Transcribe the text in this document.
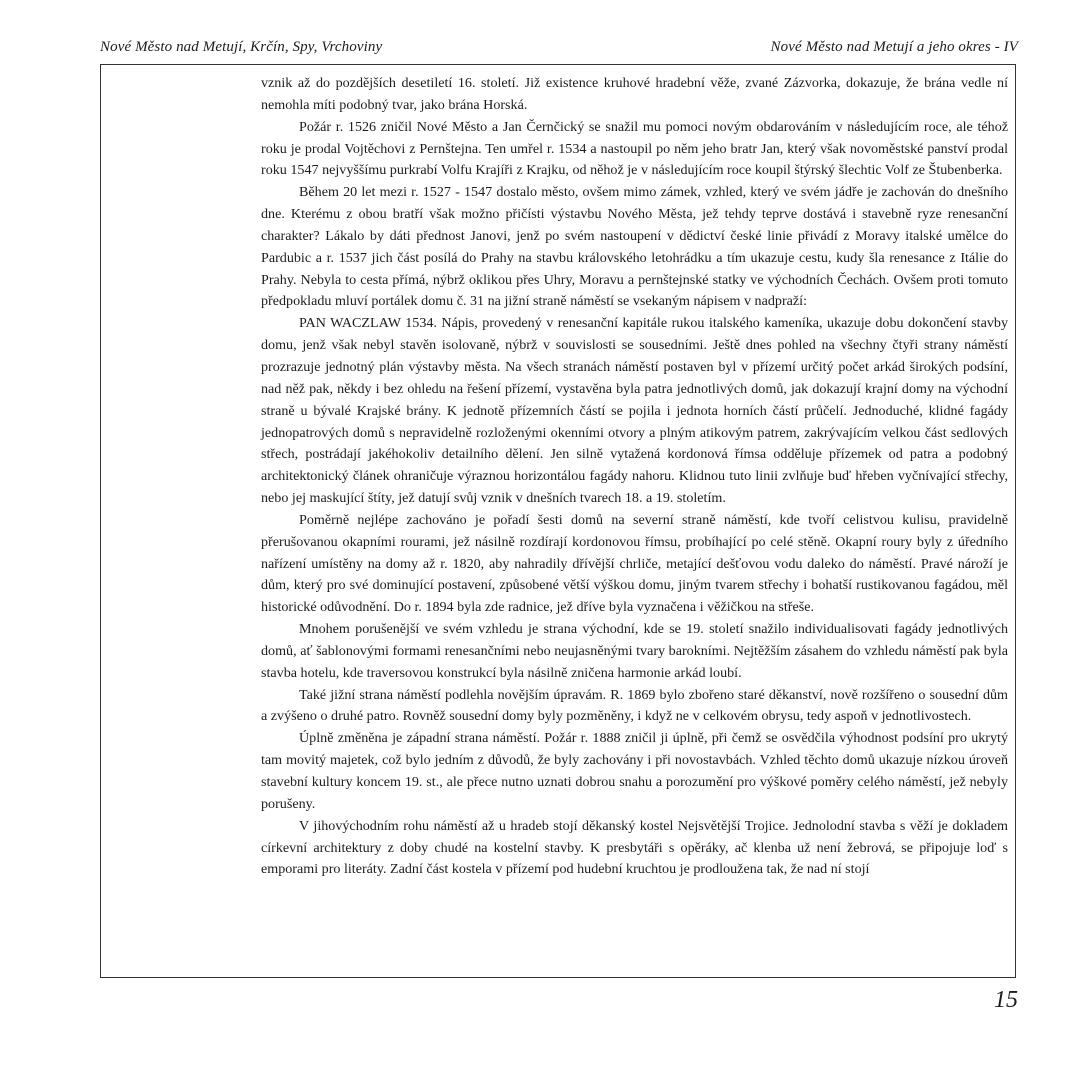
Nové Město nad Metují, Krčín, Spy, Vrchoviny	Nové Město nad Metují a jeho okres - IV

vznik až do pozdějších desetiletí 16. století. Již existence kruhové hradební věže, zvané Zázvorka, dokazuje, že brána vedle ní nemohla míti podobný tvar, jako brána Horská.

Požár r. 1526 zničil Nové Město a Jan Černčický se snažil mu pomoci novým obdarováním v následujícím roce, ale téhož roku je prodal Vojtěchovi z Pernštejna. Ten umřel r. 1534 a nastoupil po něm jeho bratr Jan, který však novoměstské panství prodal roku 1547 nejvyššímu purkrabí Volfu Krajíři z Krajku, od něhož je v následujícím roce koupil štýrský šlechtic Volf ze Štubenberka.

Během 20 let mezi r. 1527 - 1547 dostalo město, ovšem mimo zámek, vzhled, který ve svém jádře je zachován do dnešního dne. Kterému z obou bratří však možno přičísti výstavbu Nového Města, jež tehdy teprve dostává i stavebně ryze renesanční charakter? Lákalo by dáti přednost Janovi, jenž po svém nastoupení v dědictví české linie přivádí z Moravy italské umělce do Pardubic a r. 1537 jich část posílá do Prahy na stavbu královského letohrádku a tím ukazuje cestu, kudy šla renesance z Itálie do Prahy. Nebyla to cesta přímá, nýbrž oklikou přes Uhry, Moravu a pernštejnské statky ve východních Čechách. Ovšem proti tomuto předpokladu mluví portálek domu č. 31 na jižní straně náměstí se vsekaným nápisem v nadpraží:

PAN WACZLAW 1534. Nápis, provedený v renesanční kapitále rukou italského kameníka, ukazuje dobu dokončení stavby domu, jenž však nebyl stavěn isolovaně, nýbrž v souvislosti se sousedními. Ještě dnes pohled na všechny čtyři strany náměstí prozrazuje jednotný plán výstavby města. Na všech stranách náměstí postaven byl v přízemí určitý počet arkád širokých podsíní, nad něž pak, někdy i bez ohledu na řešení přízemí, vystavěna byla patra jednotlivých domů, jak dokazují krajní domy na východní straně u bývalé Krajské brány. K jednotě přízemních částí se pojila i jednota horních částí průčelí. Jednoduché, klidné fagády jednopatrových domů s nepravidelně rozloženými okenními otvory a plným atikovým patrem, zakrývajícím velkou část sedlových střech, postrádají jakéhokoliv detailního dělení. Jen silně vytažená kordonová římsa odděluje přízemek od patra a podobný architektonický článek ohraničuje výraznou horizontálou fagády nahoru. Klidnou tuto linii zvlňuje buď hřeben vyčnívající střechy, nebo jej maskující štíty, jež datují svůj vznik v dnešních tvarech 18. a 19. stoletím.

Poměrně nejlépe zachováno je pořadí šesti domů na severní straně náměstí, kde tvoří celistvou kulisu, pravidelně přerušovanou okapními rourami, jež násilně rozdírají kordonovou římsu, probíhající po celé stěně. Okapní roury byly z úředního nařízení umístěny na domy až r. 1820, aby nahradily dřívější chrliče, metající dešťovou vodu daleko do náměstí. Pravé nároží je dům, který pro své dominující postavení, způsobené větší výškou domu, jiným tvarem střechy i bohatší rustikovanou fagádou, měl historické odůvodnění. Do r. 1894 byla zde radnice, jež dříve byla vyznačena i věžičkou na střeše.

Mnohem porušenější ve svém vzhledu je strana východní, kde se 19. století snažilo individualisovati fagády jednotlivých domů, ať šablonovými formami renesančními nebo neujasněnými tvary barokními. Nejtěžším zásahem do vzhledu náměstí pak byla stavba hotelu, kde traversovou konstrukcí byla násilně zničena harmonie arkád loubí.

Také jižní strana náměstí podlehla novějším úpravám. R. 1869 bylo zbořeno staré děkanství, nově rozšířeno o sousední dům a zvýšeno o druhé patro. Rovněž sousední domy byly pozměněny, i když ne v celkovém obrysu, tedy aspoň v jednotlivostech.

Úplně změněna je západní strana náměstí. Požár r. 1888 zničil ji úplně, při čemž se osvědčila výhodnost podsíní pro ukrytý tam movitý majetek, což bylo jedním z důvodů, že byly zachovány i při novostavbách. Vzhled těchto domů ukazuje nízkou úroveň stavební kultury koncem 19. st., ale přece nutno uznati dobrou snahu a porozumění pro výškové poměry celého náměstí, jež nebyly porušeny.

V jihovýchodním rohu náměstí až u hradeb stojí děkanský kostel Nejsvětější Trojice. Jednolodní stavba s věží je dokladem církevní architektury z doby chudé na kostelní stavby. K presbytáři s opěráky, ač klenba už není žebrová, se připojuje loď s emporami pro literáty. Zadní část kostela v přízemí pod hudební kruchtou je prodloužena tak, že nad ní stojí

15
